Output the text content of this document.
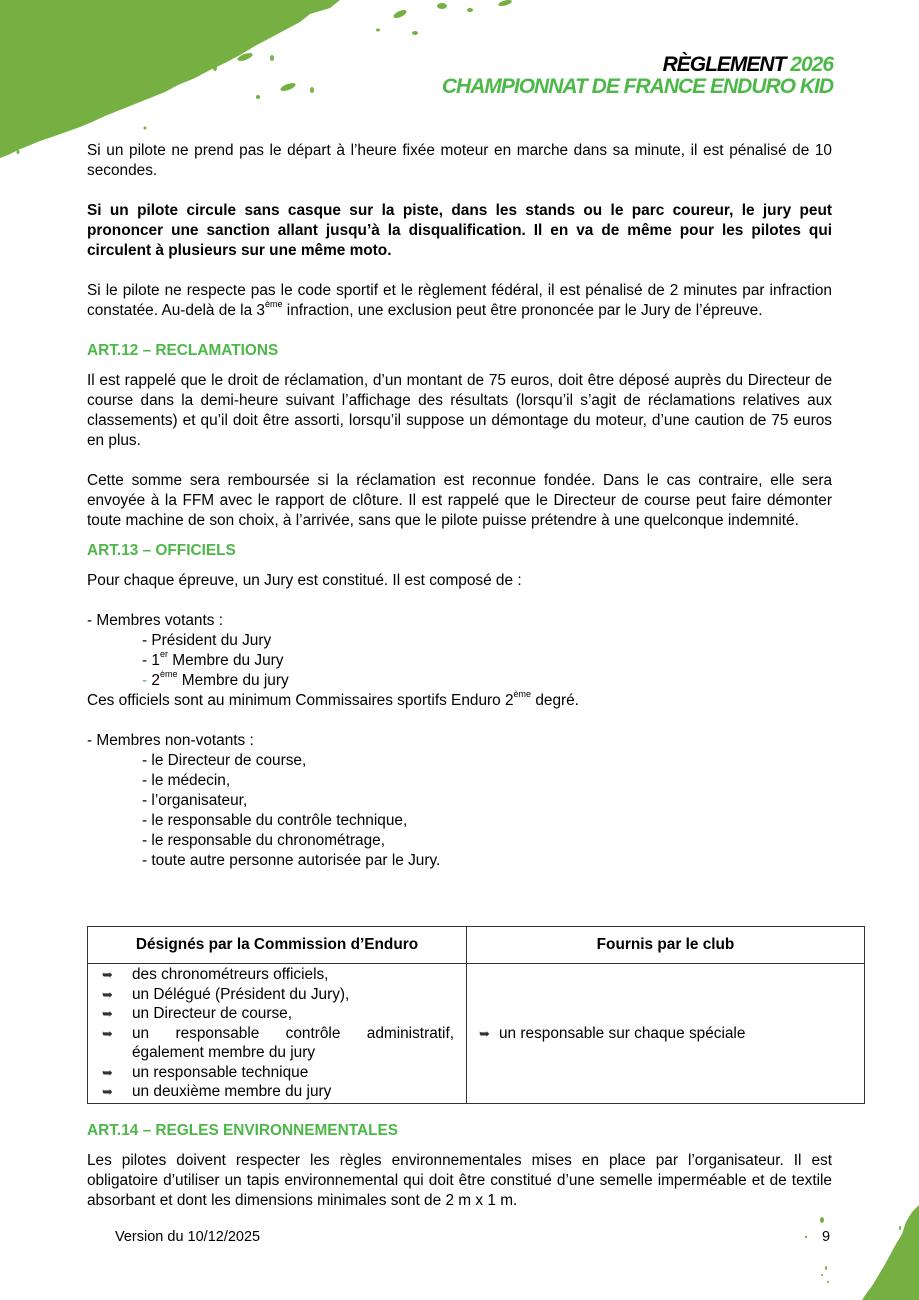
RÈGLEMENT 2026
CHAMPIONNAT DE FRANCE ENDURO KID

Si un pilote ne prend pas le départ à l’heure fixée moteur en marche dans sa minute, il est pénalisé de 10 secondes.

Si un pilote circule sans casque sur la piste, dans les stands ou le parc coureur, le jury peut prononcer une sanction allant jusqu’à la disqualification. Il en va de même pour les pilotes qui circulent à plusieurs sur une même moto.

Si le pilote ne respecte pas le code sportif et le règlement fédéral, il est pénalisé de 2 minutes par infraction constatée. Au-delà de la 3ème infraction, une exclusion peut être prononcée par le Jury de l’épreuve.

ART.12 – RECLAMATIONS

Il est rappelé que le droit de réclamation, d’un montant de 75 euros, doit être déposé auprès du Directeur de course dans la demi-heure suivant l’affichage des résultats (lorsqu’il s’agit de réclamations relatives aux classements) et qu’il doit être assorti, lorsqu’il suppose un démontage du moteur, d’une caution de 75 euros en plus.

Cette somme sera remboursée si la réclamation est reconnue fondée. Dans le cas contraire, elle sera envoyée à la FFM avec le rapport de clôture. Il est rappelé que le Directeur de course peut faire démonter toute machine de son choix, à l’arrivée, sans que le pilote puisse prétendre à une quelconque indemnité.

ART.13 – OFFICIELS

Pour chaque épreuve, un Jury est constitué. Il est composé de :

- Membres votants :

- Président du Jury
- 1er Membre du Jury
- 2ème Membre du jury

Ces officiels sont au minimum Commissaires sportifs Enduro 2ème degré.

- Membres non-votants :

- le Directeur de course,
- le médecin,
- l’organisateur,
- le responsable du contrôle technique,
- le responsable du chronométrage,
- toute autre personne autorisée par le Jury.
Désignés par la Commission d’Enduro	Fournis par le club

➥	des chronométreurs officiels,
➥	un Délégué (Président du Jury),
➥	un Directeur de course,
➥	un responsable contrôle administratif,
également membre du jury
➥	un responsable technique
➥	un deuxième membre du jury

➥ un responsable sur chaque spéciale
ART.14 – REGLES ENVIRONNEMENTALES

Les pilotes doivent respecter les règles environnementales mises en place par l’organisateur. Il est obligatoire d’utiliser un tapis environnemental qui doit être constitué d’une semelle imperméable et de textile absorbant et dont les dimensions minimales sont de 2 m x 1 m.

Version du 10/12/2025	9
